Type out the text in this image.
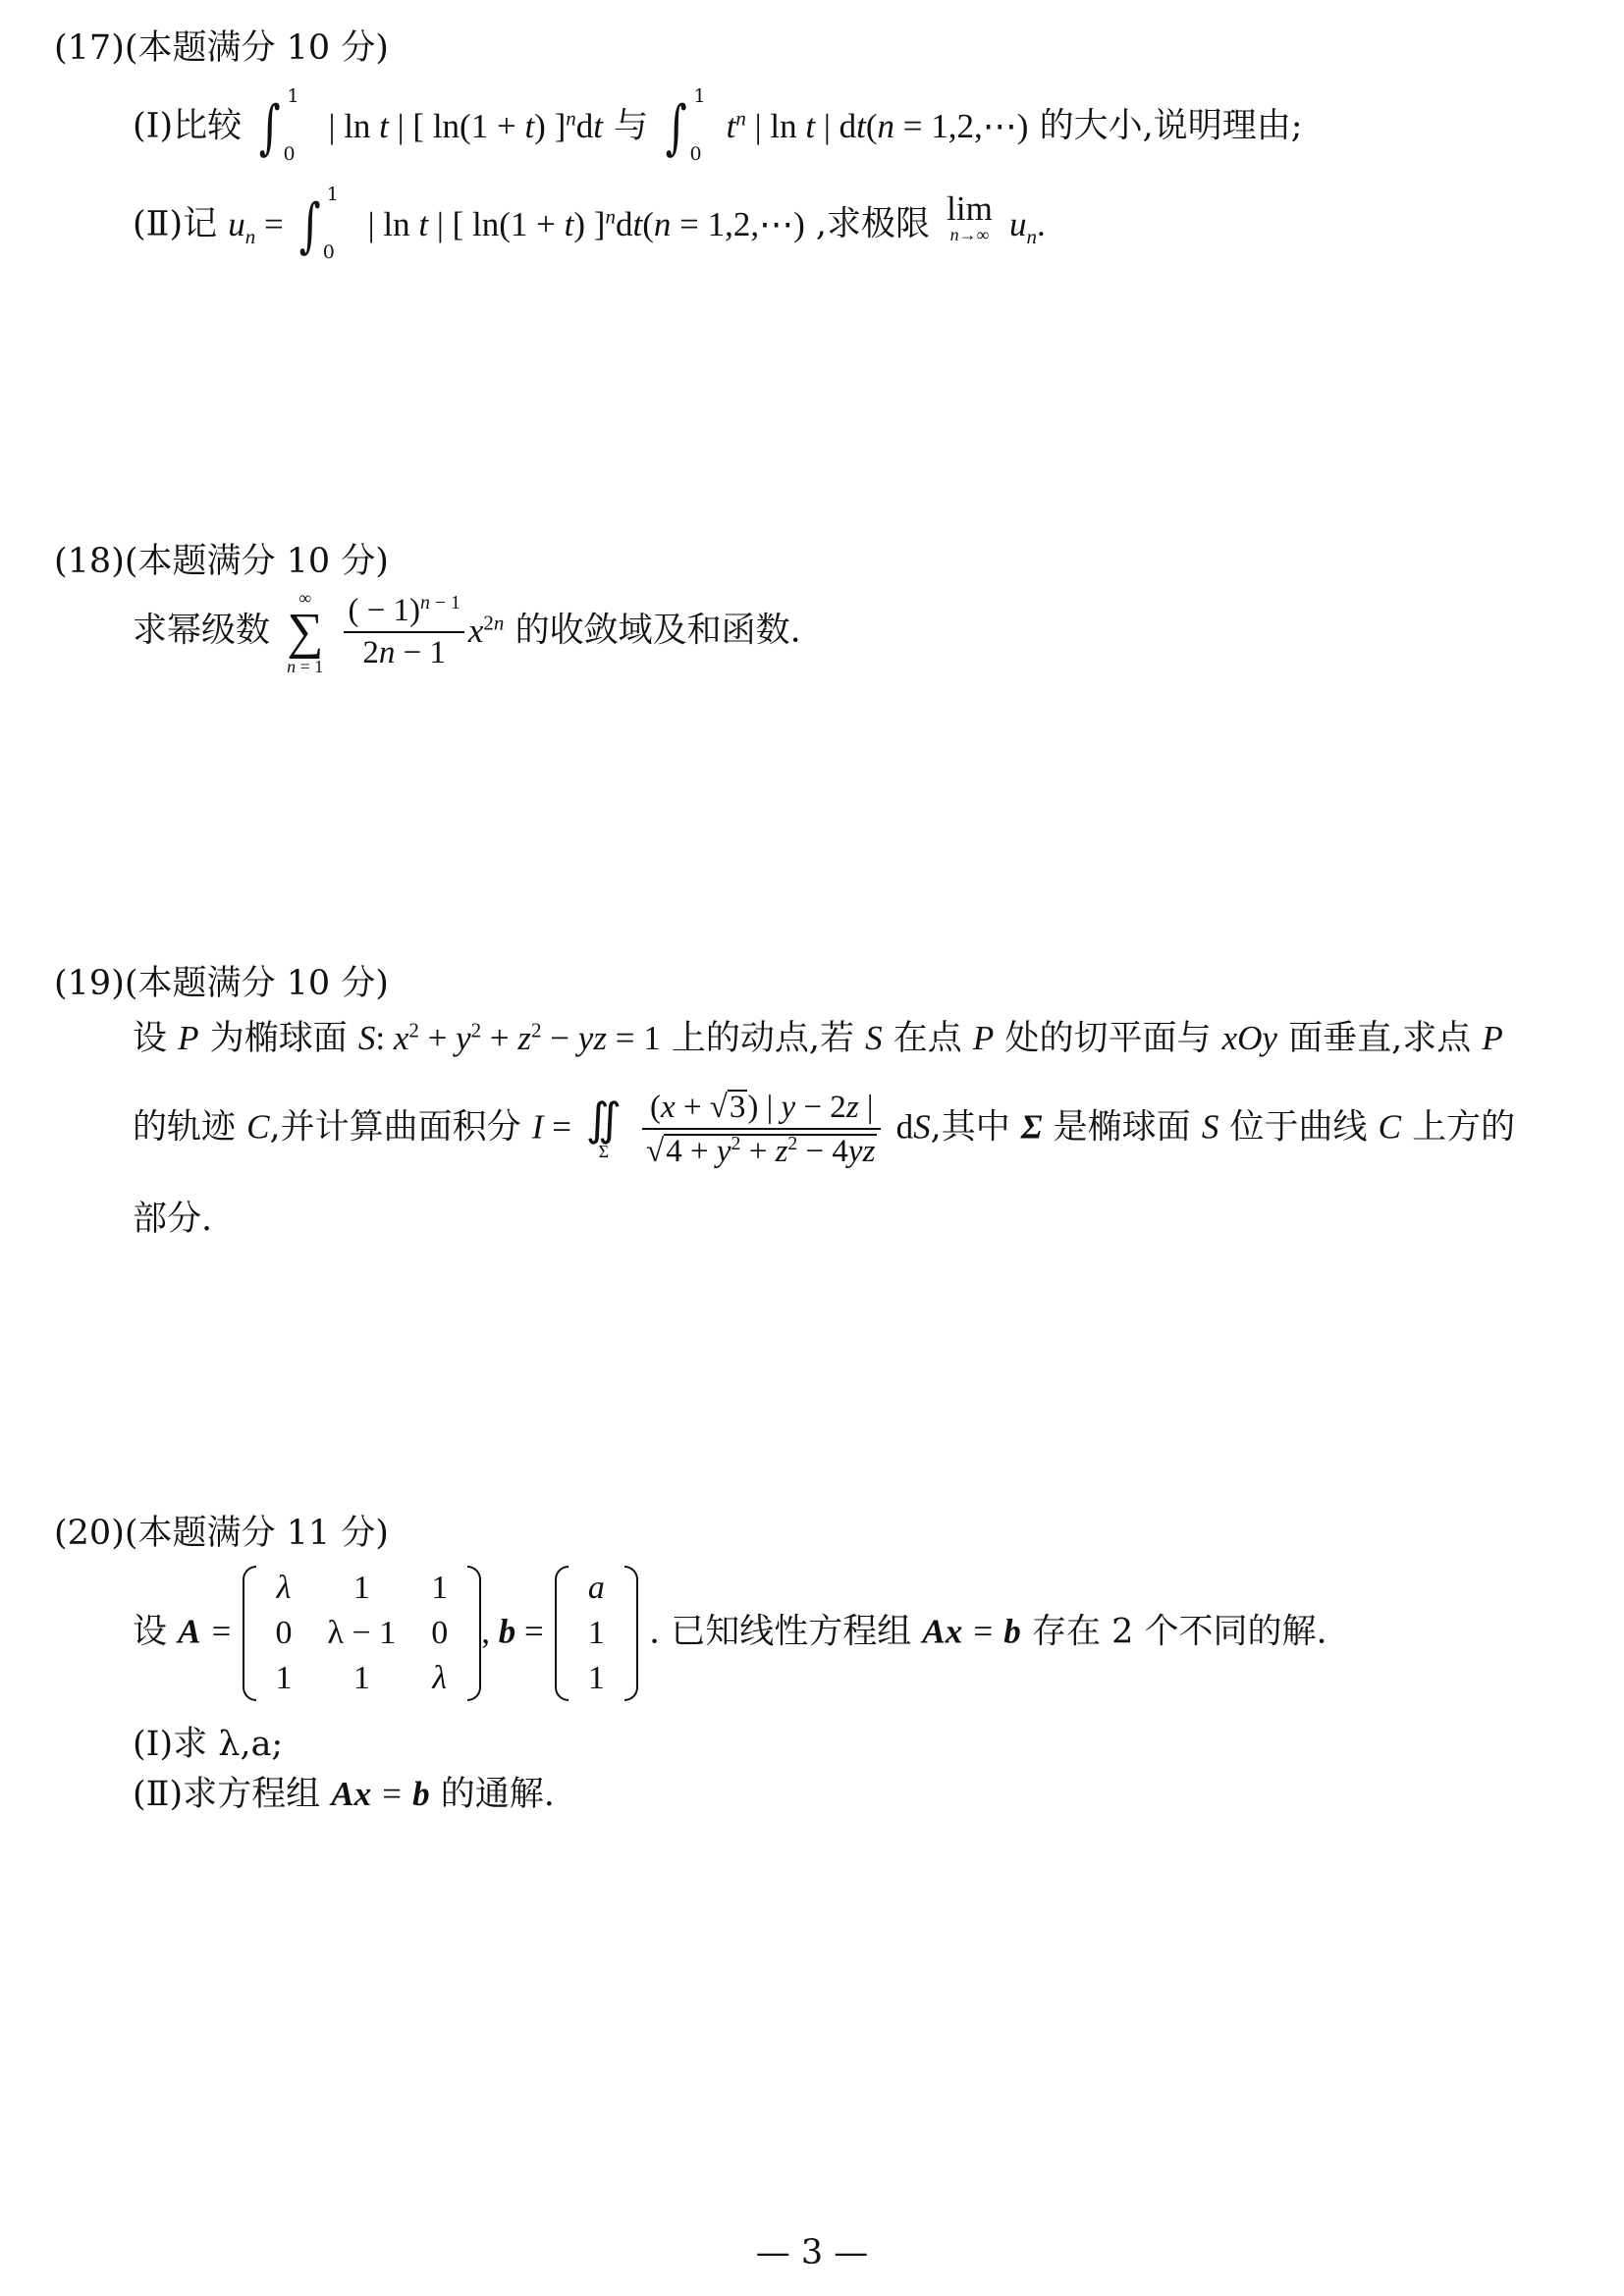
(17)(本题满分 10 分)
(Ⅰ)比较 ∫ 1
0
| ln t | [ ln(1 + t) ]$^n$dt 与 ∫ 1
0
$t^n$ | ln t | dt(n = 1,2,⋯) 的大小,说明理由;
(Ⅱ)记 $u_n$ = ∫ 1
0
| ln t | [ ln(1 + t) ]$^n$dt(n = 1,2,⋯) ,求极限 lim
n→∞ $u_n$.
(18)(本题满分 10 分)
求幂级数
∞
∑
n = 1
$\frac{( - 1)^{n - 1}}{2n - 1} x^{2n}$ 的收敛域及和函数.
(19)(本题满分 10 分)
设 P 为椭球面 S: $x^2 + y^2 + z^2$ − yz = 1 上的动点,若 S 在点 P 处的切平面与 xOy 面垂直,求点 P
的轨迹 C,并计算曲面积分 I = ∬
Σ
	$\frac{(x + √3) | y - 2z |}{√4 + y^2 + z^2 - 4yz}$ dS,其中 Σ 是椭球面 S 位于曲线 C 上方的
部分.
(20)(本题满分 11 分)
设 A =
λ	1	1
0	λ − 1	0
1	1	λ
, b =
a
1
1
. 已知线性方程组 Ax = b 存在 2 个不同的解.
(Ⅰ)求 λ,a;
(Ⅱ)求方程组 Ax = b 的通解.
— 3 —
